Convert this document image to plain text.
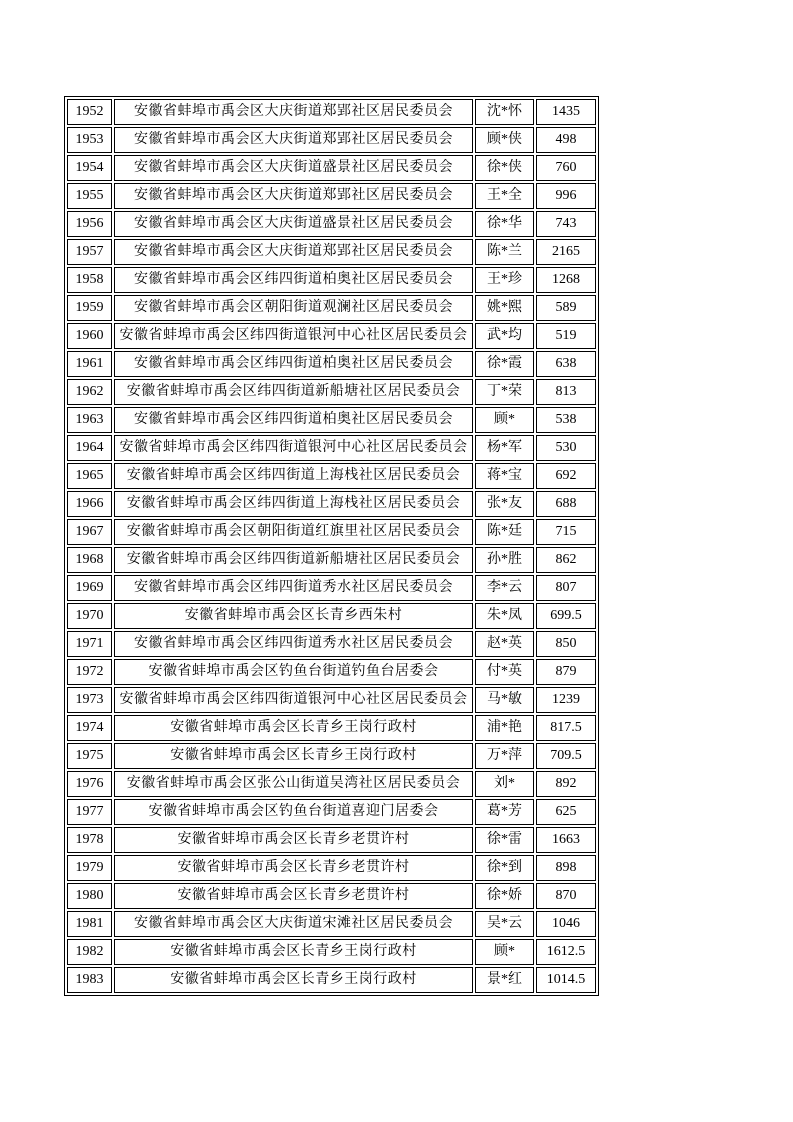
1952	安徽省蚌埠市禹会区大庆街道郑郢社区居民委员会	沈*怀	1435
1953	安徽省蚌埠市禹会区大庆街道郑郢社区居民委员会	顾*侠	498
1954	安徽省蚌埠市禹会区大庆街道盛景社区居民委员会	徐*侠	760
1955	安徽省蚌埠市禹会区大庆街道郑郢社区居民委员会	王*全	996
1956	安徽省蚌埠市禹会区大庆街道盛景社区居民委员会	徐*华	743
1957	安徽省蚌埠市禹会区大庆街道郑郢社区居民委员会	陈*兰	2165
1958	安徽省蚌埠市禹会区纬四街道柏奥社区居民委员会	王*珍	1268
1959	安徽省蚌埠市禹会区朝阳街道观澜社区居民委员会	姚*熙	589
1960	安徽省蚌埠市禹会区纬四街道银河中心社区居民委员会	武*均	519
1961	安徽省蚌埠市禹会区纬四街道柏奥社区居民委员会	徐*霞	638
1962	安徽省蚌埠市禹会区纬四街道新船塘社区居民委员会	丁*荣	813
1963	安徽省蚌埠市禹会区纬四街道柏奥社区居民委员会	顾*	538
1964	安徽省蚌埠市禹会区纬四街道银河中心社区居民委员会	杨*军	530
1965	安徽省蚌埠市禹会区纬四街道上海栈社区居民委员会	蒋*宝	692
1966	安徽省蚌埠市禹会区纬四街道上海栈社区居民委员会	张*友	688
1967	安徽省蚌埠市禹会区朝阳街道红旗里社区居民委员会	陈*廷	715
1968	安徽省蚌埠市禹会区纬四街道新船塘社区居民委员会	孙*胜	862
1969	安徽省蚌埠市禹会区纬四街道秀水社区居民委员会	李*云	807
1970	安徽省蚌埠市禹会区长青乡西朱村	朱*凤	699.5
1971	安徽省蚌埠市禹会区纬四街道秀水社区居民委员会	赵*英	850
1972	安徽省蚌埠市禹会区钓鱼台街道钓鱼台居委会	付*英	879
1973	安徽省蚌埠市禹会区纬四街道银河中心社区居民委员会	马*敏	1239
1974	安徽省蚌埠市禹会区长青乡王岗行政村	浦*艳	817.5
1975	安徽省蚌埠市禹会区长青乡王岗行政村	万*萍	709.5
1976	安徽省蚌埠市禹会区张公山街道吴湾社区居民委员会	刘*	892
1977	安徽省蚌埠市禹会区钓鱼台街道喜迎门居委会	葛*芳	625
1978	安徽省蚌埠市禹会区长青乡老贯许村	徐*雷	1663
1979	安徽省蚌埠市禹会区长青乡老贯许村	徐*到	898
1980	安徽省蚌埠市禹会区长青乡老贯许村	徐*娇	870
1981	安徽省蚌埠市禹会区大庆街道宋滩社区居民委员会	吴*云	1046
1982	安徽省蚌埠市禹会区长青乡王岗行政村	顾*	1612.5
1983	安徽省蚌埠市禹会区长青乡王岗行政村	景*红	1014.5
